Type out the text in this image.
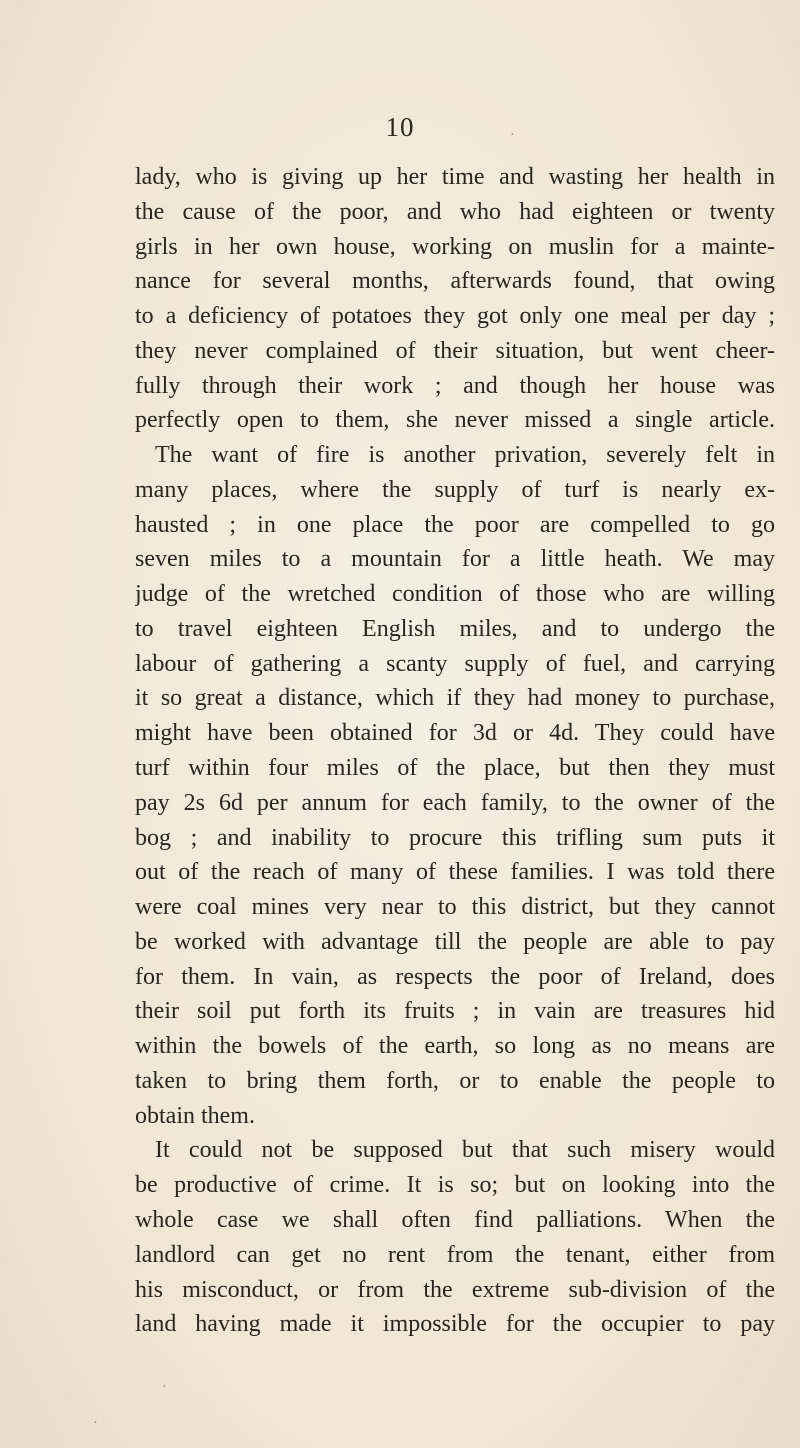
10
lady, who is giving up her time and wasting her health in
the cause of the poor, and who had eighteen or twenty
girls in her own house, working on muslin for a mainte-
nance for several months, afterwards found, that owing
to a deficiency of potatoes they got only one meal per day ;
they never complained of their situation, but went cheer-
fully through their work ; and though her house was
perfectly open to them, she never missed a single article.
The want of fire is another privation, severely felt in
many places, where the supply of turf is nearly ex-
hausted ; in one place the poor are compelled to go
seven miles to a mountain for a little heath. We may
judge of the wretched condition of those who are willing
to travel eighteen English miles, and to undergo the
labour of gathering a scanty supply of fuel, and carrying
it so great a distance, which if they had money to purchase,
might have been obtained for 3d or 4d. They could have
turf within four miles of the place, but then they must
pay 2s 6d per annum for each family, to the owner of the
bog ; and inability to procure this trifling sum puts it
out of the reach of many of these families. I was told there
were coal mines very near to this district, but they cannot
be worked with advantage till the people are able to pay
for them. In vain, as respects the poor of Ireland, does
their soil put forth its fruits ; in vain are treasures hid
within the bowels of the earth, so long as no means are
taken to bring them forth, or to enable the people to
obtain them.
It could not be supposed but that such misery would
be productive of crime. It is so; but on looking into the
whole case we shall often find palliations. When the
landlord can get no rent from the tenant, either from
his misconduct, or from the extreme sub-division of the
land having made it impossible for the occupier to pay
·
·
·
